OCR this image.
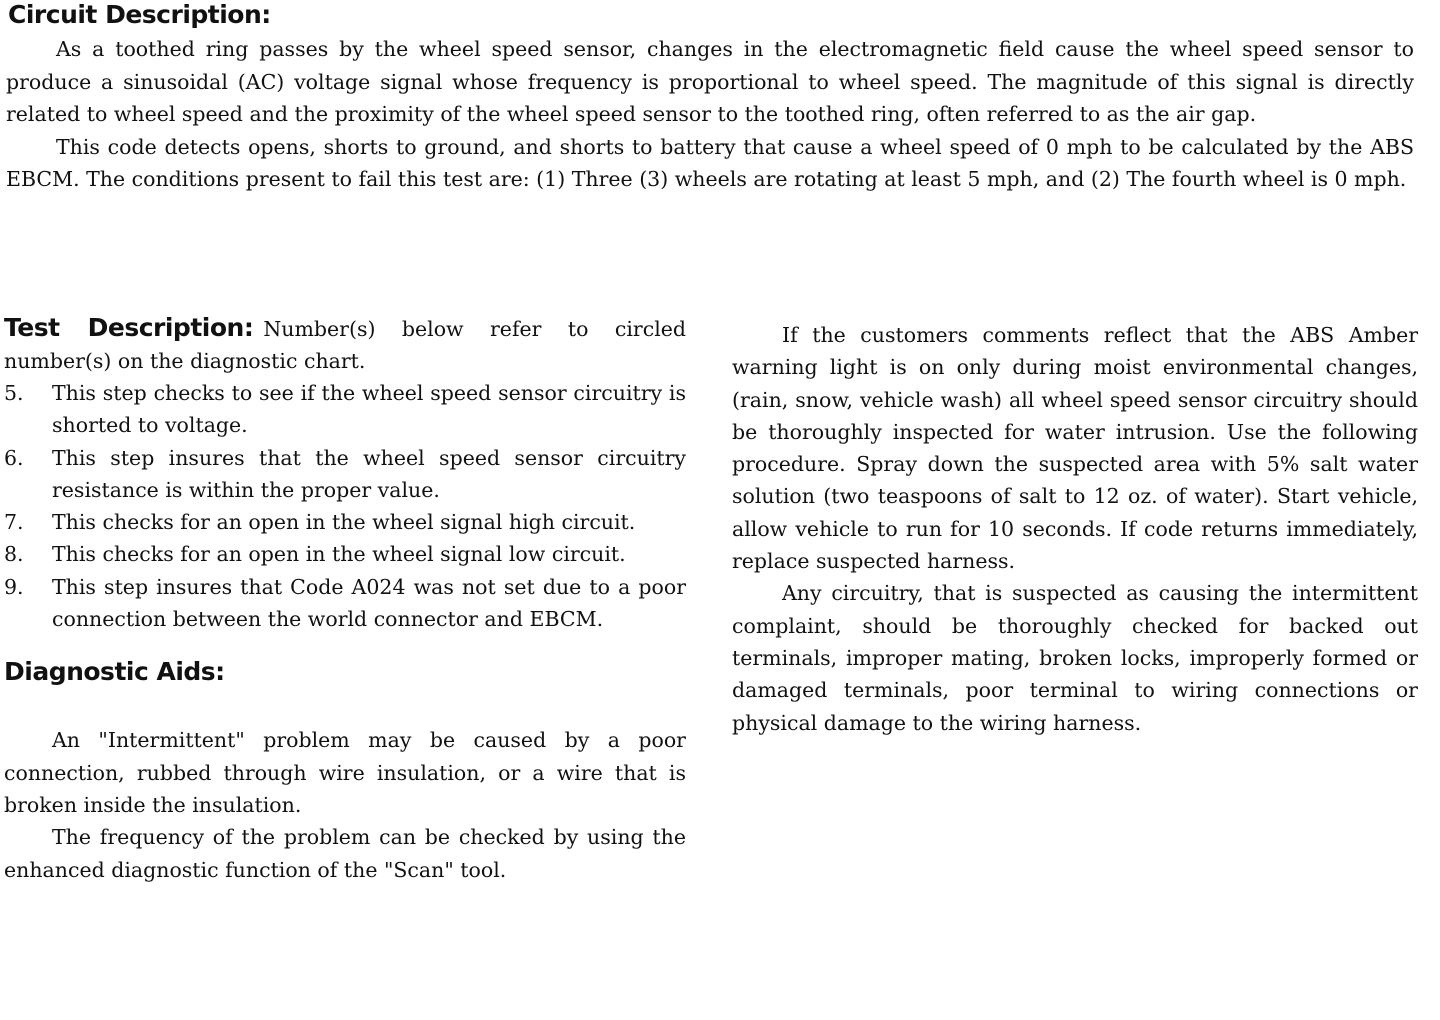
Circuit Description:

As a toothed ring passes by the wheel speed sensor, changes in the electromagnetic field cause the wheel speed sensor to produce a sinusoidal (AC) voltage signal whose frequency is proportional to wheel speed. The magnitude of this signal is directly related to wheel speed and the proximity of the wheel speed sensor to the toothed ring, often referred to as the air gap.

This code detects opens, shorts to ground, and shorts to battery that cause a wheel speed of 0 mph to be calculated by the ABS EBCM. The conditions present to fail this test are: (1) Three (3) wheels are rotating at least 5 mph, and (2) The fourth wheel is 0 mph.

Test Description: Number(s) below refer to circled number(s) on the diagnostic chart.
5. This step checks to see if the wheel speed sensor circuitry is shorted to voltage.
6. This step insures that the wheel speed sensor circuitry resistance is within the proper value.
7. This checks for an open in the wheel signal high circuit.
8. This checks for an open in the wheel signal low circuit.
9. This step insures that Code A024 was not set due to a poor connection between the world connector and EBCM.
Diagnostic Aids:

An "Intermittent" problem may be caused by a poor connection, rubbed through wire insulation, or a wire that is broken inside the insulation.

The frequency of the problem can be checked by using the enhanced diagnostic function of the "Scan" tool.

If the customers comments reflect that the ABS Amber warning light is on only during moist environmental changes, (rain, snow, vehicle wash) all wheel speed sensor circuitry should be thoroughly inspected for water intrusion. Use the following procedure. Spray down the suspected area with 5% salt water solution (two teaspoons of salt to 12 oz. of water). Start vehicle, allow vehicle to run for 10 seconds. If code returns immediately, replace suspected harness.

Any circuitry, that is suspected as causing the intermittent complaint, should be thoroughly checked for backed out terminals, improper mating, broken locks, improperly formed or damaged terminals, poor terminal to wiring connections or physical damage to the wiring harness.
